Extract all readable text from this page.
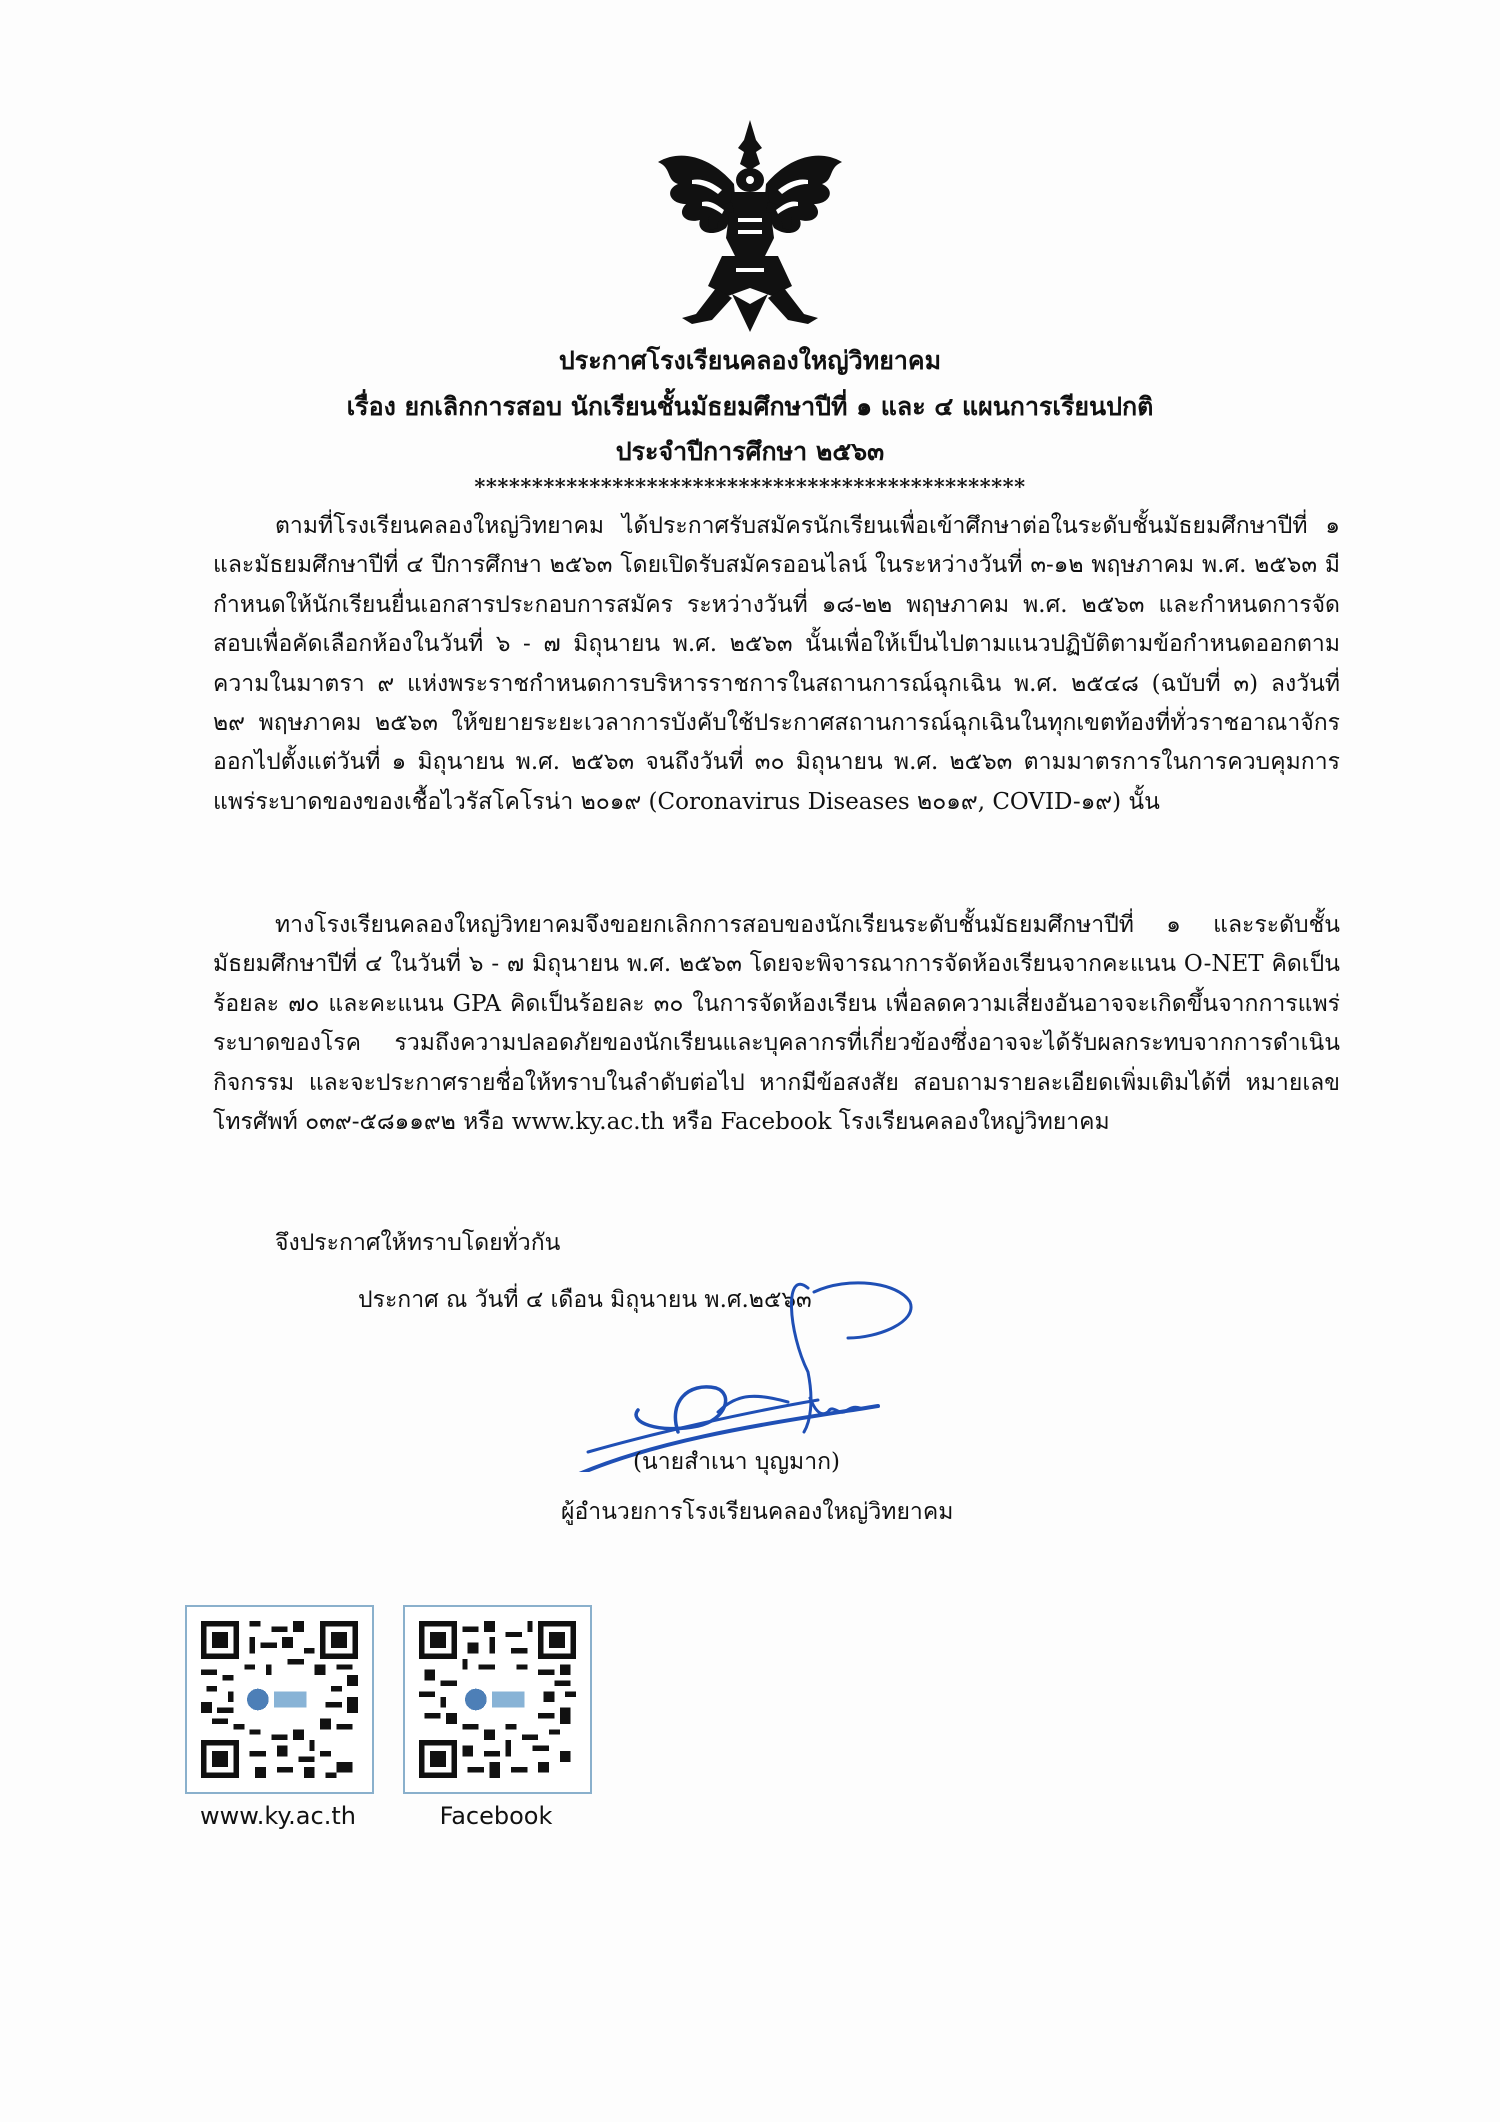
ประกาศโรงเรียนคลองใหญ่วิทยาคม
เรื่อง ยกเลิกการสอบ นักเรียนชั้นมัธยมศึกษาปีที่ ๑ และ ๔ แผนการเรียนปกติ
ประจำปีการศึกษา ๒๕๖๓
************************************************

ตามที่โรงเรียนคลองใหญ่วิทยาคม ได้ประกาศรับสมัครนักเรียนเพื่อเข้าศึกษาต่อในระดับชั้นมัธยมศึกษาปีที่ ๑ และมัธยมศึกษาปีที่ ๔ ปีการศึกษา ๒๕๖๓ โดยเปิดรับสมัครออนไลน์ ในระหว่างวันที่ ๓-๑๒ พฤษภาคม พ.ศ. ๒๕๖๓ มีกำหนดให้นักเรียนยื่นเอกสารประกอบการสมัคร ระหว่างวันที่ ๑๘-๒๒ พฤษภาคม พ.ศ. ๒๕๖๓ และกำหนดการจัดสอบเพื่อคัดเลือกห้องในวันที่ ๖ - ๗ มิถุนายน พ.ศ. ๒๕๖๓ นั้นเพื่อให้เป็นไปตามแนวปฏิบัติตามข้อกำหนดออกตามความในมาตรา ๙ แห่งพระราชกำหนดการบริหารราชการในสถานการณ์ฉุกเฉิน พ.ศ. ๒๕๔๘ (ฉบับที่ ๓) ลงวันที่ ๒๙ พฤษภาคม ๒๕๖๓ ให้ขยายระยะเวลาการบังคับใช้ประกาศสถานการณ์ฉุกเฉินในทุกเขตท้องที่ทั่วราชอาณาจักรออกไปตั้งแต่วันที่ ๑ มิถุนายน พ.ศ. ๒๕๖๓ จนถึงวันที่ ๓๐ มิถุนายน พ.ศ. ๒๕๖๓ ตามมาตรการในการควบคุมการแพร่ระบาดของของเชื้อไวรัสโคโรน่า ๒๐๑๙ (Coronavirus Diseases ๒๐๑๙, COVID-๑๙) นั้น

ทางโรงเรียนคลองใหญ่วิทยาคมจึงขอยกเลิกการสอบของนักเรียนระดับชั้นมัธยมศึกษาปีที่ ๑ และระดับชั้นมัธยมศึกษาปีที่ ๔ ในวันที่ ๖ - ๗ มิถุนายน พ.ศ. ๒๕๖๓ โดยจะพิจารณาการจัดห้องเรียนจากคะแนน O-NET คิดเป็นร้อยละ ๗๐ และคะแนน GPA คิดเป็นร้อยละ ๓๐ ในการจัดห้องเรียน เพื่อลดความเสี่ยงอันอาจจะเกิดขึ้นจากการแพร่ระบาดของโรค รวมถึงความปลอดภัยของนักเรียนและบุคลากรที่เกี่ยวข้องซึ่งอาจจะได้รับผลกระทบจากการดำเนินกิจกรรม และจะประกาศรายชื่อให้ทราบในลำดับต่อไป หากมีข้อสงสัย สอบถามรายละเอียดเพิ่มเติมได้ที่ หมายเลขโทรศัพท์ ๐๓๙-๕๘๑๑๙๒ หรือ www.ky.ac.th หรือ Facebook โรงเรียนคลองใหญ่วิทยาคม

จึงประกาศให้ทราบโดยทั่วกัน
ประกาศ ณ วันที่ ๔ เดือน มิถุนายน พ.ศ.๒๕๖๓
(นายสำเนา บุญมาก)
ผู้อำนวยการโรงเรียนคลองใหญ่วิทยาคม
www.ky.ac.th	Facebook
